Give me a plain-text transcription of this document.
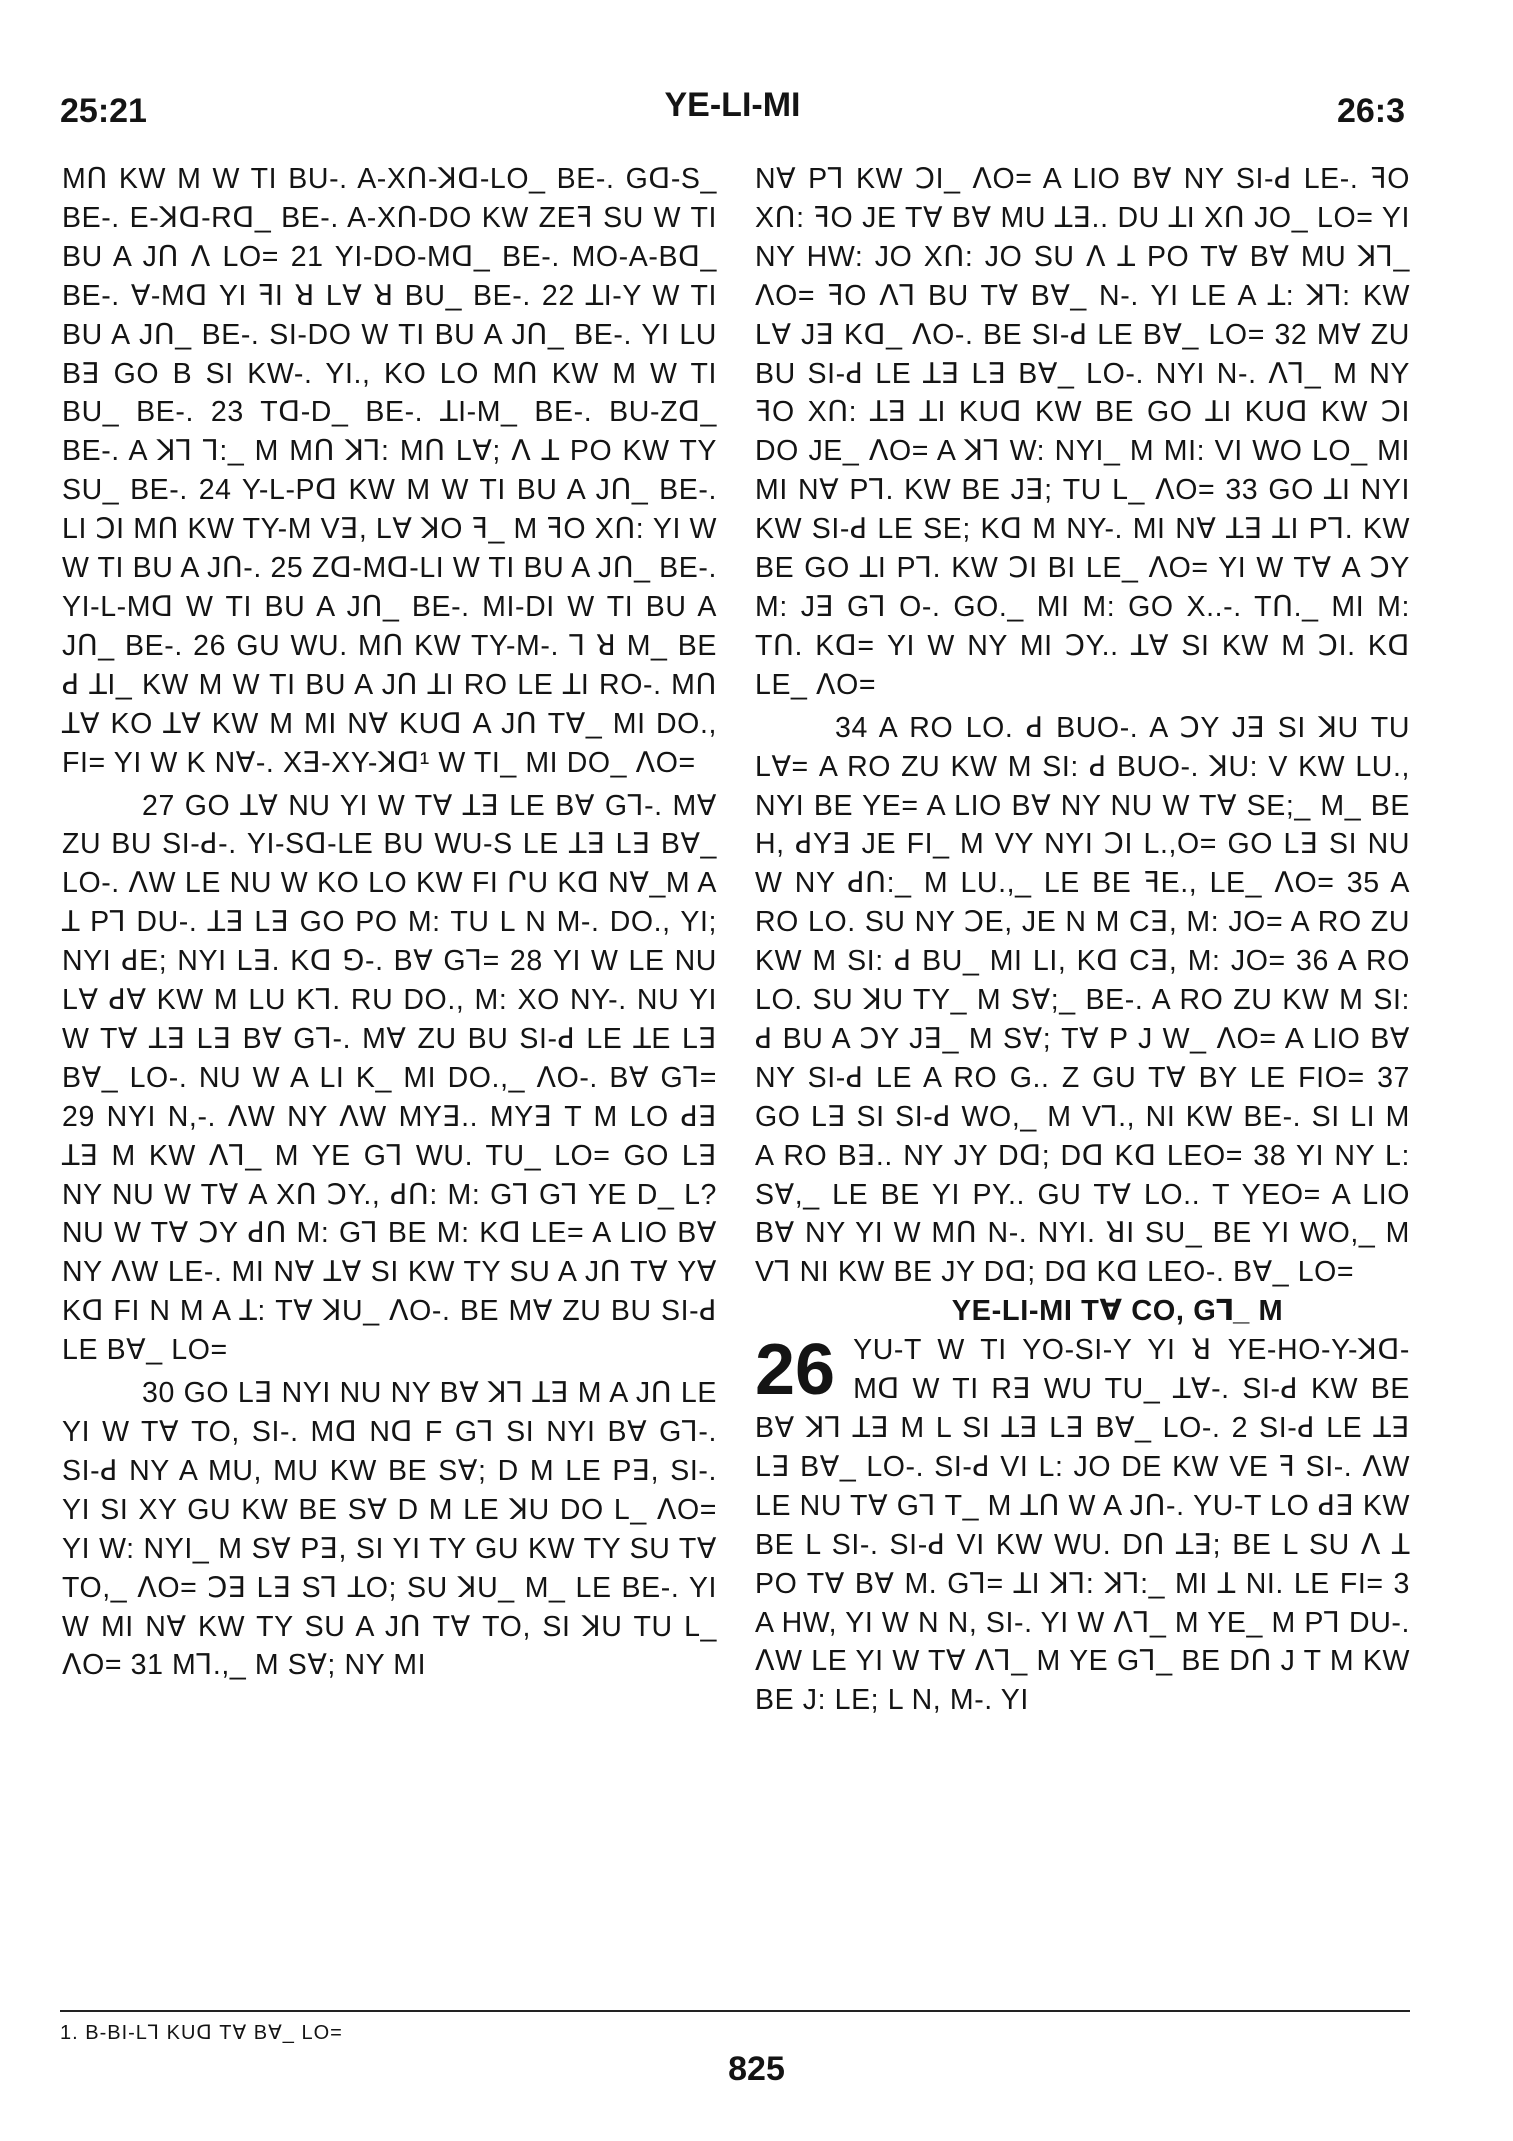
25:21	YE-LI-MI	26:3

MՈ KW M W TI BU-. A-XՈ-ꓘꓷ-LO_ BE-. Gꓷ-S_ BE-. E-ꓘꓷ-Rꓷ_ BE-. A-XՈ-DO KW ZEꟻ SU W TI BU A JՈ ꓥ LO= 21 YI-DO-Mꓷ_ BE-. MO-A-Bꓷ_ BE-. ꓯ-Mꓷ YI ꟻI ꓤ Lꓯ ꓤ BU_ BE-. 22 ꓕI-Y W TI BU A JՈ_ BE-. SI-DO W TI BU A JՈ_ BE-. YI LU Bꓱ GO B SI KW-. YI., KO LO MՈ KW M W TI BU_ BE-. 23 Tꓷ-D_ BE-. ꓕI-M_ BE-. BU-Zꓷ_ BE-. A ꓘꓶ ꓶ:_ M MՈ ꓘꓶ: MՈ Lꓯ; ꓥ ꓕ PO KW TY SU_ BE-. 24 Y-L-Pꓷ KW M W TI BU A JՈ_ BE-. LI ꓛI MՈ KW TY-M Vꓱ, Lꓯ ꓘO ꟻ_ M ꟻO XՈ: YI W W TI BU A JՈ-. 25 Zꓷ-Mꓷ-LI W TI BU A JՈ_ BE-. YI-L-Mꓷ W TI BU A JՈ_ BE-. MI-DI W TI BU A JՈ_ BE-. 26 GU WU. MՈ KW TY-M-. ꓶ ꓤ M_ BE ꓒ ꓕI_ KW M W TI BU A JՈ ꓕI RO LE ꓕI RO-. MՈ ꓕꓯ KO ꓕꓯ KW M MI Nꓯ KUꓷ A JՈ Tꓯ_ MI DO., FI= YI W K Nꓯ-. Xꓱ-XY-ꓘꓷ¹ W TI_ MI DO_ ꓥO=

27 GO ꓕꓯ NU YI W Tꓯ ꓕꓱ LE Bꓯ Gꓶ-. Mꓯ ZU BU SI-ꓒ-. YI-Sꓷ-LE BU WU-S LE ꓕꓱ Lꓱ Bꓯ_ LO-. ꓥW LE NU W KO LO KW FI ՐU Kꓷ Nꓯ_M A ꓕ Pꓶ DU-. ꓕꓱ Lꓱ GO PO M: TU L N M-. DO., YI; NYI ꓒE; NYI Lꓱ. Kꓷ ꓨ-. Bꓯ Gꓶ= 28 YI W LE NU Lꓯ ꓒꓯ KW M LU Kꓶ. RU DO., M: XO NY-. NU YI W Tꓯ ꓕꓱ Lꓱ Bꓯ Gꓶ-. Mꓯ ZU BU SI-ꓒ LE ꓕE Lꓱ Bꓯ_ LO-. NU W A LI K_ MI DO.,_ ꓥO-. Bꓯ Gꓶ= 29 NYI N,-. ꓥW NY ꓥW MYꓱ.. MYꓱ T M LO ꓒꓱ ꓕꓱ M KW ꓥꓶ_ M YE Gꓶ WU. TU_ LO= GO Lꓱ NY NU W Tꓯ A XՈ ꓛY., ꓒՈ: M: Gꓶ Gꓶ YE D_ L? NU W Tꓯ ꓛY ꓒՈ M: Gꓶ BE M: Kꓷ LE= A LIO Bꓯ NY ꓥW LE-. MI Nꓯ ꓕꓯ SI KW TY SU A JՈ Tꓯ Yꓯ Kꓷ FI N M A ꓕ: Tꓯ ꓘU_ ꓥO-. BE Mꓯ ZU BU SI-ꓒ LE Bꓯ_ LO=

30 GO Lꓱ NYI NU NY Bꓯ ꓘꓶ ꓕꓱ M A JՈ LE YI W Tꓯ TO, SI-. Mꓷ Nꓷ F Gꓶ SI NYI Bꓯ Gꓶ-. SI-ꓒ NY A MU, MU KW BE Sꓯ; D M LE Pꓱ, SI-. YI SI XY GU KW BE Sꓯ D M LE ꓘU DO L_ ꓥO= YI W: NYI_ M Sꓯ Pꓱ, SI YI TY GU KW TY SU Tꓯ TO,_ ꓥO= ꓛꓱ Lꓱ Sꓶ ꓕO; SU ꓘU_ M_ LE BE-. YI W MI Nꓯ KW TY SU A JՈ Tꓯ TO, SI ꓘU TU L_ ꓥO= 31 Mꓶ.,_ M Sꓯ; NY MI

Nꓯ Pꓶ KW ꓛI_ ꓥO= A LIO Bꓯ NY SI-ꓒ LE-. ꟻO XՈ: ꟻO JE Tꓯ Bꓯ MU ꓕꓱ.. DU ꓕI XՈ JO_ LO= YI NY HW: JO XՈ: JO SU ꓥ ꓕ PO Tꓯ Bꓯ MU ꓘꓶ_ ꓥO= ꟻO ꓥꓶ BU Tꓯ Bꓯ_ N-. YI LE A ꓕ: ꓘꓶ: KW Lꓯ Jꓱ Kꓷ_ ꓥO-. BE SI-ꓒ LE Bꓯ_ LO= 32 Mꓯ ZU BU SI-ꓒ LE ꓕꓱ Lꓱ Bꓯ_ LO-. NYI N-. ꓥꓶ_ M NY ꟻO XՈ: ꓕꓱ ꓕI KUꓷ KW BE GO ꓕI KUꓷ KW ꓛI DO JE_ ꓥO= A ꓘꓶ W: NYI_ M MI: VI WO LO_ MI MI Nꓯ Pꓶ. KW BE Jꓱ; TU L_ ꓥO= 33 GO ꓕI NYI KW SI-ꓒ LE SE; Kꓷ M NY-. MI Nꓯ ꓕꓱ ꓕI Pꓶ. KW BE GO ꓕI Pꓶ. KW ꓛI BI LE_ ꓥO= YI W Tꓯ A ꓛY M: Jꓱ Gꓶ O-. GO._ MI M: GO X..-. TՈ._ MI M: TՈ. Kꓷ= YI W NY MI ꓛY.. ꓕꓯ SI KW M ꓛI. Kꓷ LE_ ꓥO=

34 A RO LO. ꓒ BUO-. A ꓛY Jꓱ SI ꓘU TU Lꓯ= A RO ZU KW M SI: ꓒ BUO-. ꓘU: V KW LU., NYI BE YE= A LIO Bꓯ NY NU W Tꓯ SE;_ M_ BE H, ꓒYꓱ JE FI_ M VY NYI ꓛI L.,O= GO Lꓱ SI NU W NY ꓒՈ:_ M LU.,_ LE BE ꟻE., LE_ ꓥO= 35 A RO LO. SU NY ꓛE, JE N M Cꓱ, M: JO= A RO ZU KW M SI: ꓒ BU_ MI LI, Kꓷ Cꓱ, M: JO= 36 A RO LO. SU ꓘU TY_ M Sꓯ;_ BE-. A RO ZU KW M SI: ꓒ BU A ꓛY Jꓱ_ M Sꓯ; Tꓯ P J W_ ꓥO= A LIO Bꓯ NY SI-ꓒ LE A RO G.. Z GU Tꓯ BY LE FIO= 37 GO Lꓱ SI SI-ꓒ WO,_ M Vꓶ., NI KW BE-. SI LI M A RO Bꓱ.. NY JY Dꓷ; Dꓷ Kꓷ LEO= 38 YI NY L: Sꓯ,_ LE BE YI PY.. GU Tꓯ LO.. T YEO= A LIO Bꓯ NY YI W MՈ N-. NYI. ꓤI SU_ BE YI WO,_ M Vꓶ NI KW BE JY Dꓷ; Dꓷ Kꓷ LEO-. Bꓯ_ LO=

YE-LI-MI Tꓯ CO, Gꓶ_ M

26 YU-T W TI YO-SI-Y YI ꓤ YE-HO-Y-ꓘꓷ-Mꓷ W TI Rꓱ WU TU_ ꓕꓯ-. SI-ꓒ KW BE Bꓯ ꓘꓶ ꓕꓱ M L SI ꓕꓱ Lꓱ Bꓯ_ LO-. 2 SI-ꓒ LE ꓕꓱ Lꓱ Bꓯ_ LO-. SI-ꓒ VI L: JO DE KW VE ꟻ SI-. ꓥW LE NU Tꓯ Gꓶ T_ M ꓕՈ W A JՈ-. YU-T LO ꓒꓱ KW BE L SI-. SI-ꓒ VI KW WU. DՈ ꓕꓱ; BE L SU ꓥ ꓕ PO Tꓯ Bꓯ M. Gꓶ= ꓕI ꓘꓶ: ꓘꓶ:_ MI ꓕ NI. LE FI= 3 A HW, YI W N N, SI-. YI W ꓥꓶ_ M YE_ M Pꓶ DU-. ꓥW LE YI W Tꓯ ꓥꓶ_ M YE Gꓶ_ BE DՈ J T M KW BE J: LE; L N, M-. YI
1. B-BI-Lꓶ KUꓷ Tꓯ Bꓯ_ LO=
825
